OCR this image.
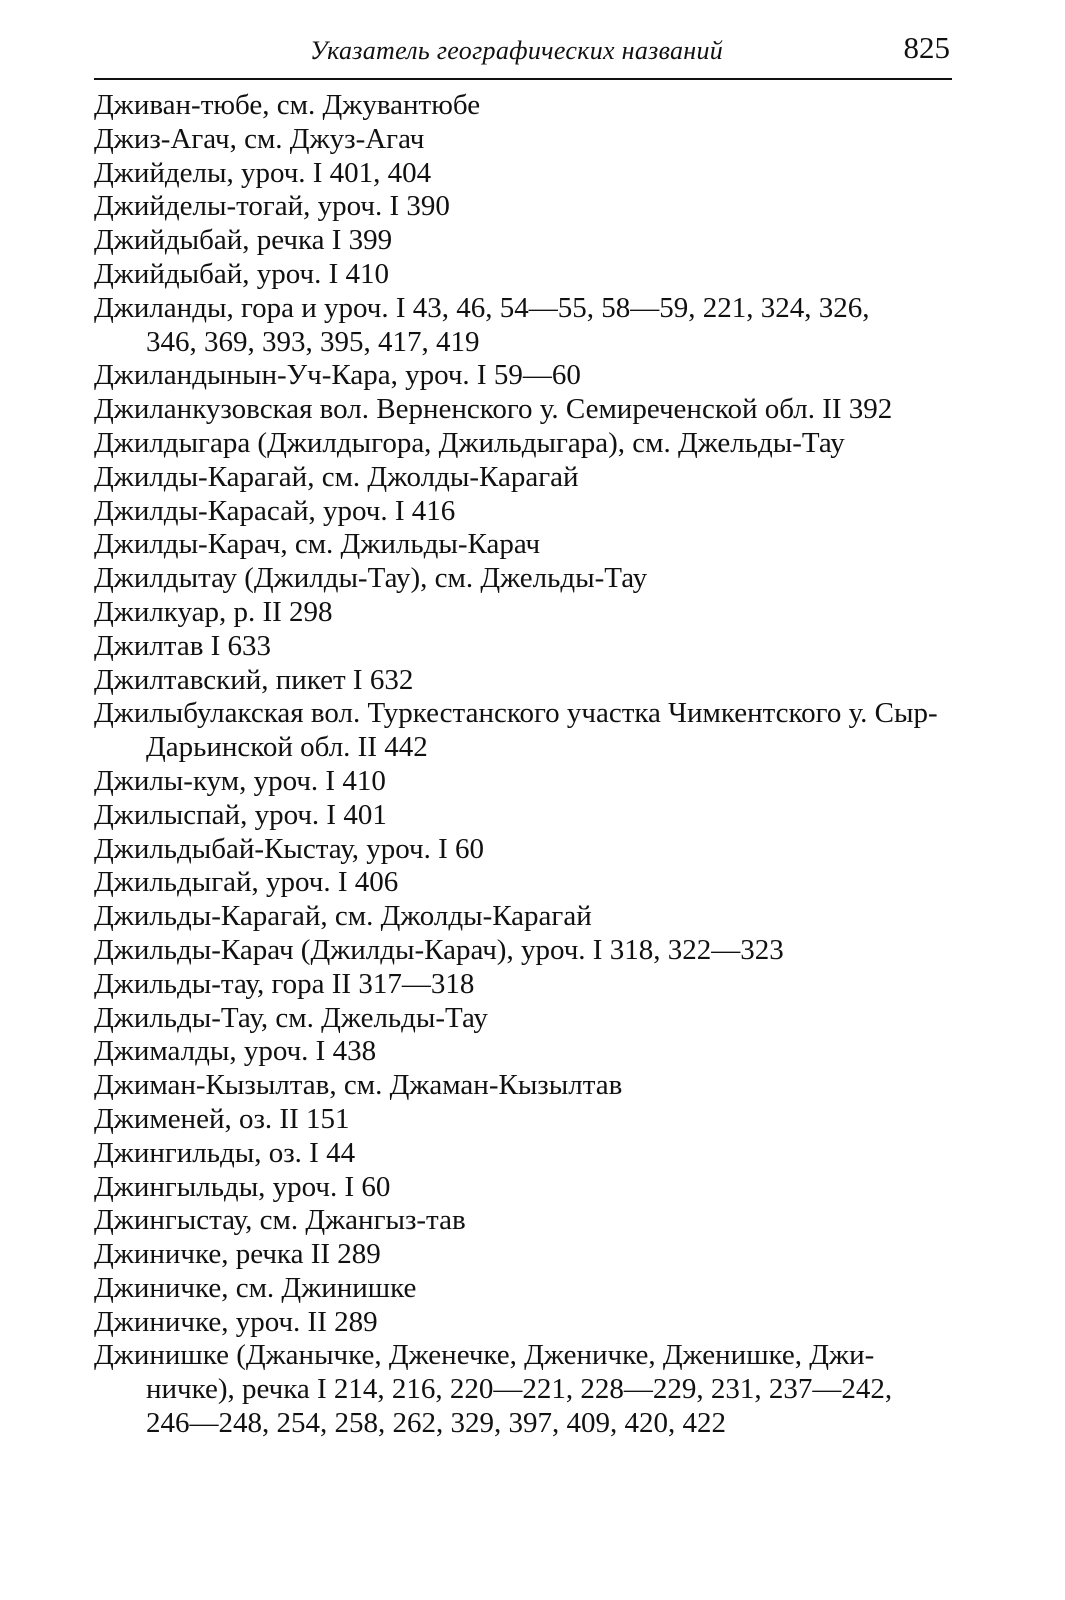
Указатель географических названий	825
Дживан-тюбе, см. Джувантюбе
Джиз-Агач, см. Джуз-Агач
Джийделы, уроч. I 401, 404
Джийделы-тогай, уроч. I 390
Джийдыбай, речка I 399
Джийдыбай, уроч. I 410
Джиланды, гора и уроч. I 43, 46, 54—55, 58—59, 221, 324, 326,
346, 369, 393, 395, 417, 419
Джиландынын-Уч-Кара, уроч. I 59—60
Джиланкузовская вол. Верненского у. Семиреченской обл. II 392
Джилдыгара (Джилдыгора, Джильдыгара), см. Джельды-Тау
Джилды-Карагай, см. Джолды-Карагай
Джилды-Карасай, уроч. I 416
Джилды-Карач, см. Джильды-Карач
Джилдытау (Джилды-Тау), см. Джельды-Тау
Джилкуар, р. II 298
Джилтав I 633
Джилтавский, пикет I 632
Джилыбулакская вол. Туркестанского участка Чимкентского у. Сыр-
Дарьинской обл. II 442
Джилы-кум, уроч. I 410
Джилыспай, уроч. I 401
Джильдыбай-Кыстау, уроч. I 60
Джильдыгай, уроч. I 406
Джильды-Карагай, см. Джолды-Карагай
Джильды-Карач (Джилды-Карач), уроч. I 318, 322—323
Джильды-тау, гора II 317—318
Джильды-Тау, см. Джельды-Тау
Джималды, уроч. I 438
Джиман-Кызылтав, см. Джаман-Кызылтав
Джименей, оз. II 151
Джингильды, оз. I 44
Джингыльды, уроч. I 60
Джингыстау, см. Джангыз-тав
Джиничке, речка II 289
Джиничке, см. Джинишке
Джиничке, уроч. II 289
Джинишке (Джанычке, Дженечке, Дженичке, Дженишке, Джи-
ничке), речка I 214, 216, 220—221, 228—229, 231, 237—242,
246—248, 254, 258, 262, 329, 397, 409, 420, 422
